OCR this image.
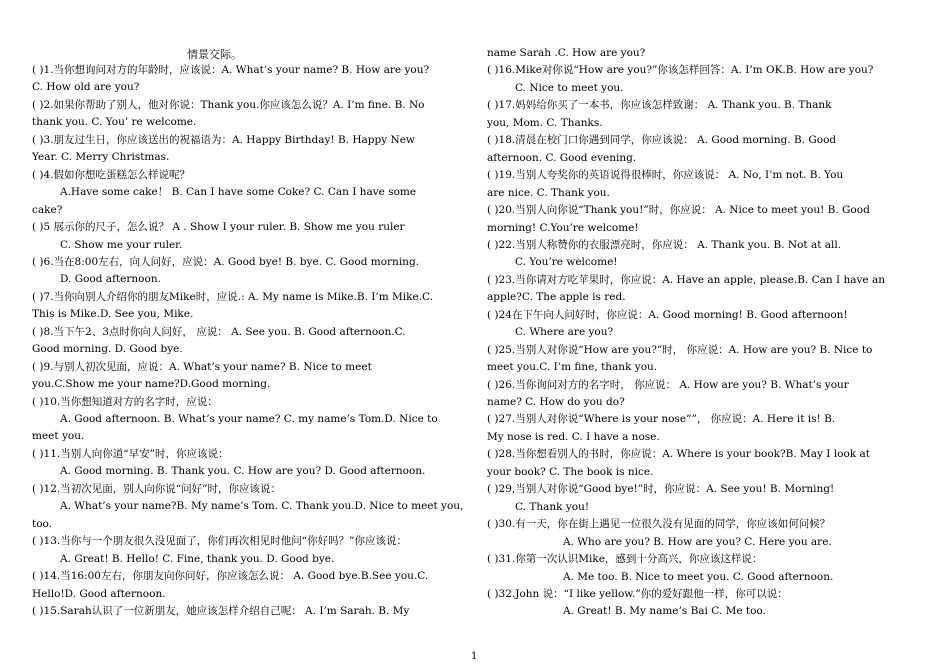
情景交际。
( )1.当你想询问对方的年龄时，应该说：A. What’s your name? B. How are you?
C. How old are you?
( )2.如果你帮助了别人，他对你说：Thank you.你应该怎么说？A. I’m fine. B. No
thank you. C. You’ re welcome.
( )3.朋友过生日，你应该送出的祝福语为：A. Happy Birthday! B. Happy New
Year. C. Merry Christmas.
( )4.假如你想吃蛋糕怎么样说呢？
A.Have some cake！ B. Can I have some Coke? C. Can I have some
cake?
( )5 展示你的尺子，怎么说？ A . Show I your ruler. B. Show me you ruler
C. Show me your ruler.
( )6.当在8:00左右，向人问好，应说：A. Good bye! B. bye. C. Good morning.
D. Good afternoon.
( )7.当你向别人介绍你的朋友Mike时，应说.: A. My name is Mike.B. I’m Mike.C.
This is Mike.D. See you, Mike.
( )8.当下午2、3点时你向人问好， 应说： A. See you. B. Good afternoon.C.
Good morning. D. Good bye.
( )9.与别人初次见面，应说：A. What’s your name? B. Nice to meet
you.C.Show me your name?D.Good morning.
( )10.当你想知道对方的名字时，应说：
A. Good afternoon. B. What’s your name? C. my name’s Tom.D. Nice to
meet you.
( )11.当别人向你道“早安”时，你应该说：
A. Good morning. B. Thank you. C. How are you? D. Good afternoon.
( )12.当初次见面，别人向你说“问好”时，你应该说：
A. What’s your name?B. My name’s Tom. C. Thank you.D. Nice to meet you,
too.
( )13.当你与一个朋友很久没见面了，你们再次相见时他问“你好吗？”你应该说：
A. Great! B. Hello! C. Fine, thank you. D. Good bye.
( )14.当16:00左右，你朋友向你问好，你应该怎么说： A. Good bye.B.See you.C.
Hello!D. Good afternoon.
( )15.Sarah认识了一位新朋友，她应该怎样介绍自己呢： A. I’m Sarah. B. My
name Sarah .C. How are you?
( )16.Mike对你说“How are you?”你该怎样回答：A. I’m OK.B. How are you?
C. Nice to meet you.
( )17.妈妈给你买了一本书，你应该怎样致谢： A. Thank you. B. Thank
you, Mom. C. Thanks.
( )18.清晨在校门口你遇到同学，你应该说： A. Good morning. B. Good
afternoon. C. Good evening.
( )19.当别人夸奖你的英语说得很棒时，你应该说： A. No, I’m not. B. You
are nice. C. Thank you.
( )20.当别人向你说“Thank you!”时，你应说： A. Nice to meet you! B. Good
morning! C.You’re welcome!
( )22.当别人称赞你的衣服漂亮时，你应说： A. Thank you. B. Not at all.
C. You’re welcome!
( )23.当你请对方吃苹果时，你应说：A. Have an apple, please.B. Can I have an
apple?C. The apple is red.
( )24在下午向人问好时，你应说：A. Good morning! B. Good afternoon!
C. Where are you?
( )25.当别人对你说“How are you?”时， 你应说：A. How are you? B. Nice to
meet you.C. I’m fine, thank you.
( )26.当你询问对方的名字时， 你应说： A. How are you? B. What’s your
name? C. How do you do?
( )27.当别人对你说“Where is your nose””， 你应说：A. Here it is! B.
My nose is red. C. I have a nose.
( )28.当你想看别人的书时，你应说：A. Where is your book?B. May I look at
your book? C. The book is nice.
( )29,当别人对你说“Good bye!”时，你应说：A. See you! B. Morning!
C. Thank you!
( )30.有一天，你在街上遇见一位很久没有见面的同学，你应该如何问候？
A. Who are you? B. How are you? C. Here you are.
( )31.你第一次认识Mike，感到十分高兴，你应该这样说：
A. Me too. B. Nice to meet you. C. Good afternoon.
( )32.John 说：“I like yellow.”你的爱好跟他一样，你可以说：
A. Great! B. My name’s Bai C. Me too.
1
